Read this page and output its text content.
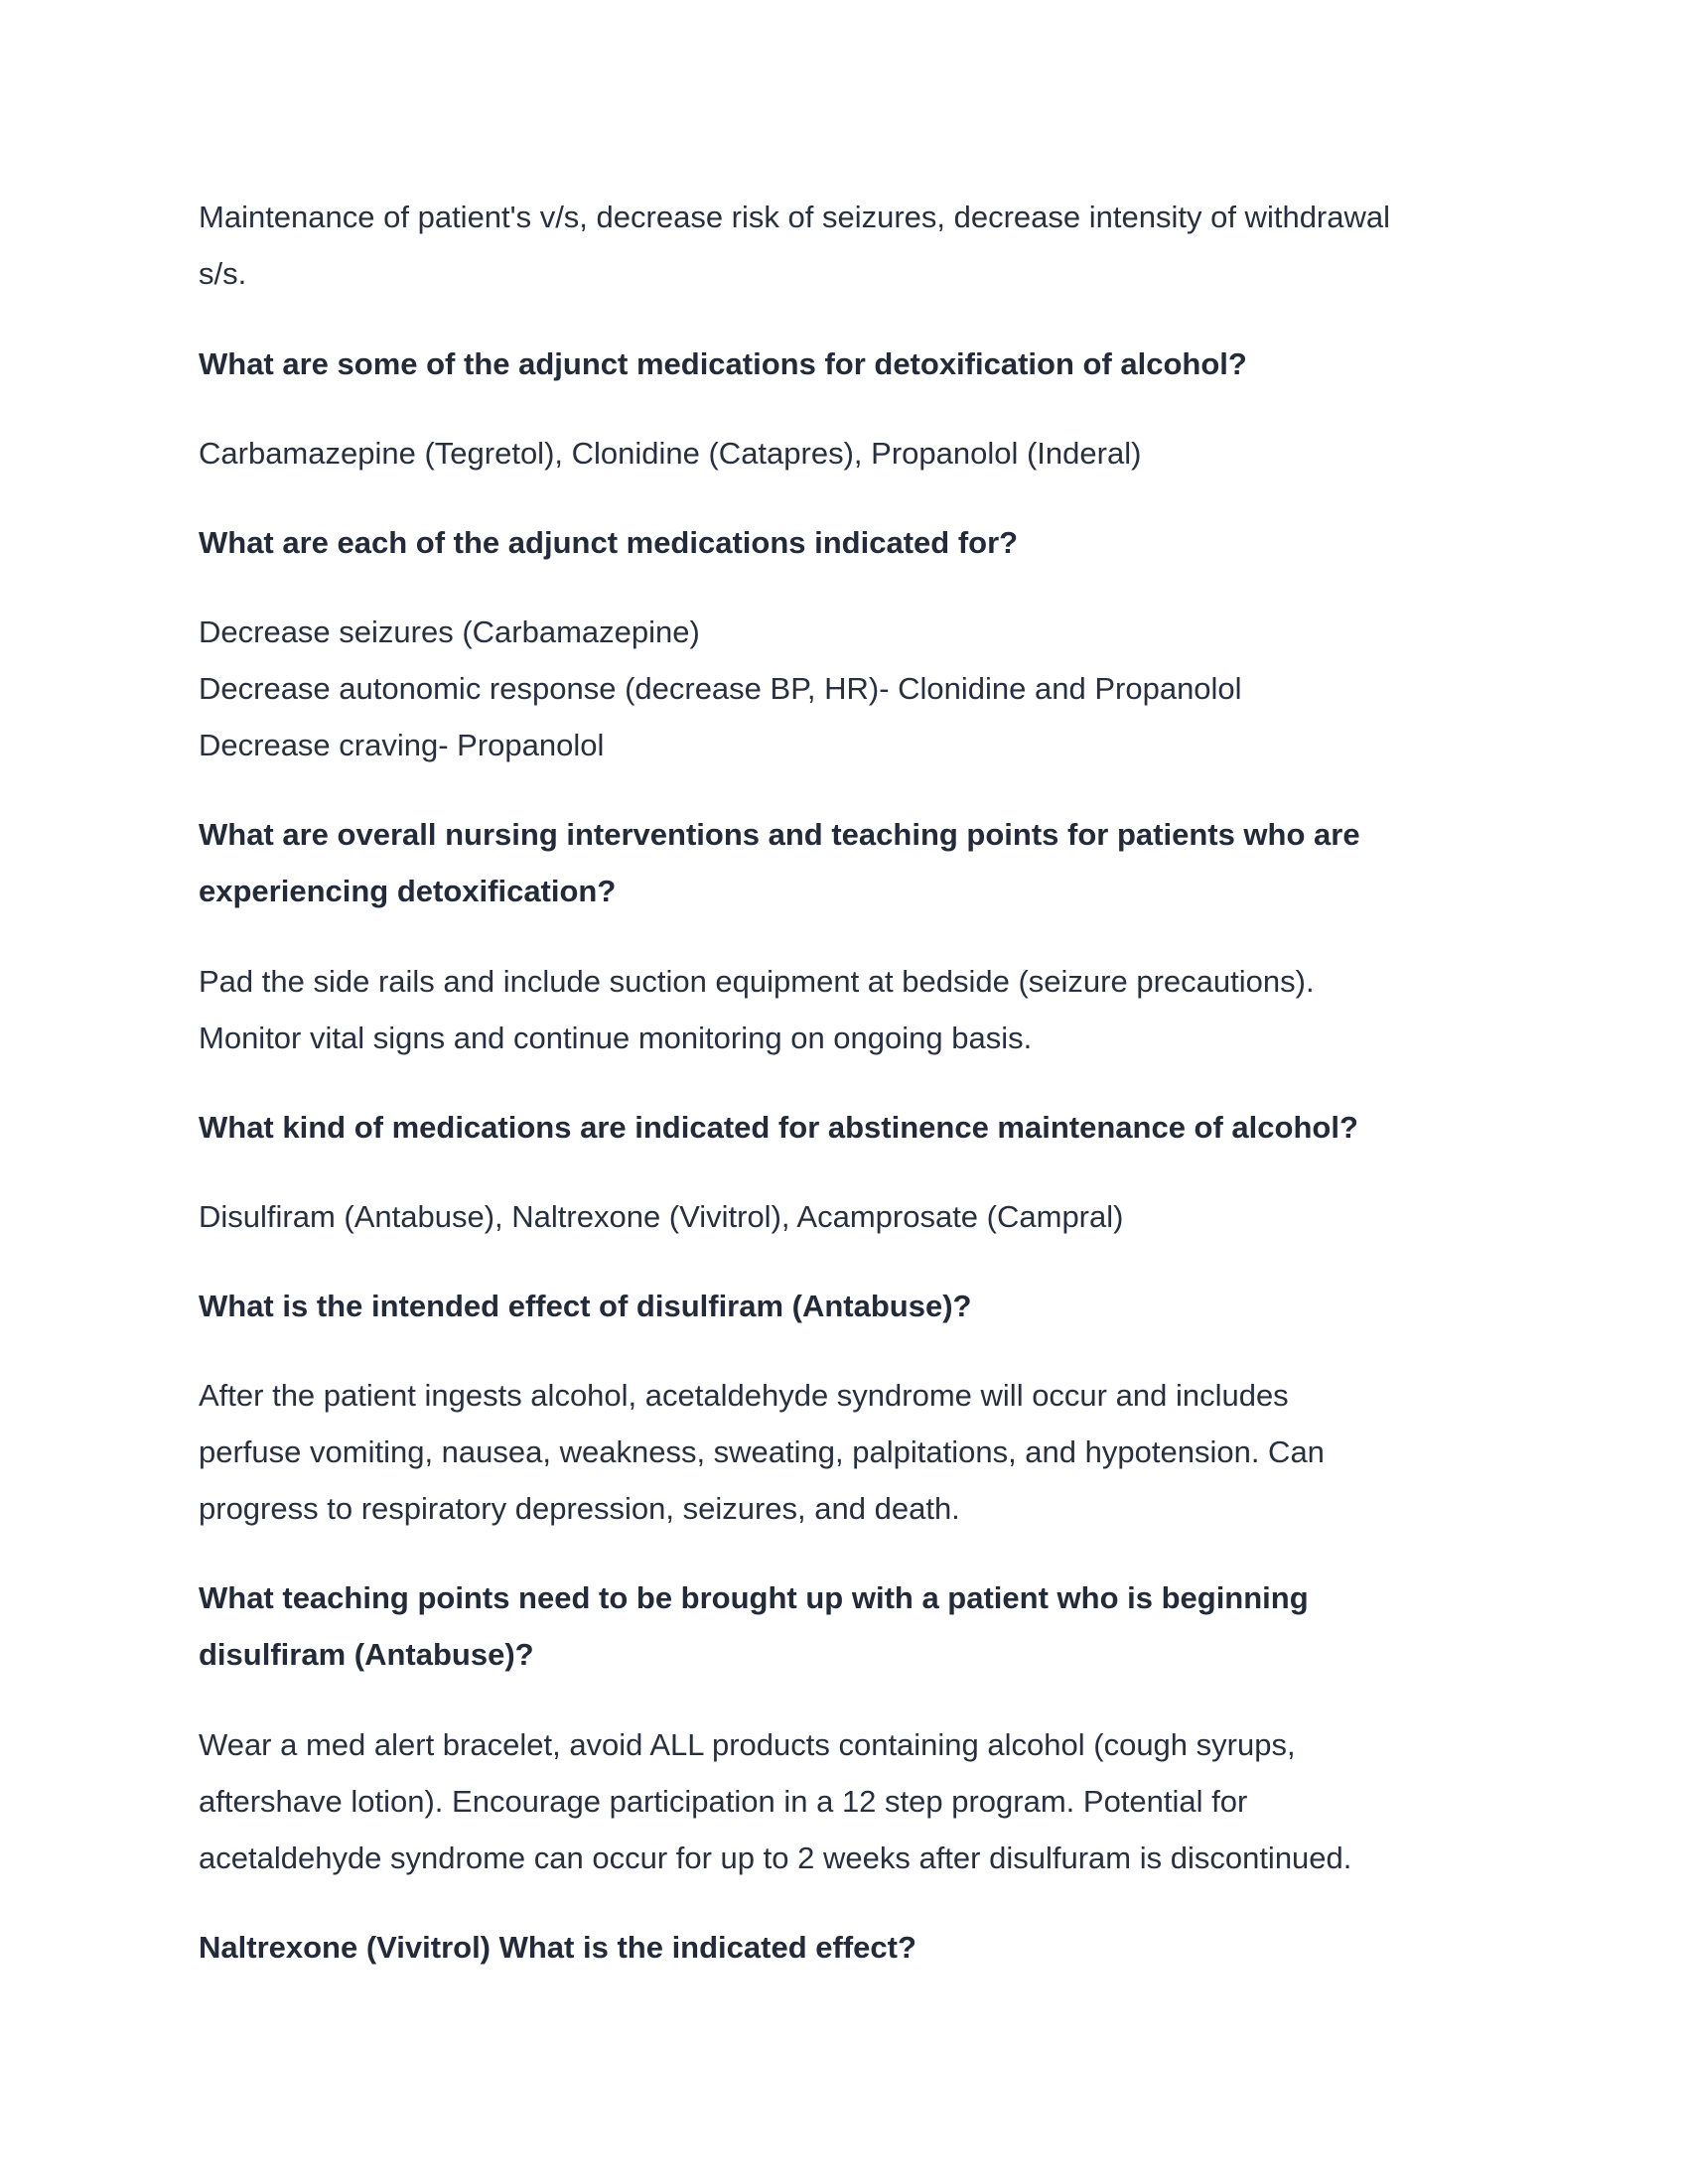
Maintenance of patient's v/s, decrease risk of seizures, decrease intensity of withdrawal
s/s.
What are some of the adjunct medications for detoxification of alcohol?
Carbamazepine (Tegretol), Clonidine (Catapres), Propanolol (Inderal)
What are each of the adjunct medications indicated for?
Decrease seizures (Carbamazepine)
Decrease autonomic response (decrease BP, HR)- Clonidine and Propanolol
Decrease craving- Propanolol
What are overall nursing interventions and teaching points for patients who are
experiencing detoxification?
Pad the side rails and include suction equipment at bedside (seizure precautions).
Monitor vital signs and continue monitoring on ongoing basis.
What kind of medications are indicated for abstinence maintenance of alcohol?
Disulfiram (Antabuse), Naltrexone (Vivitrol), Acamprosate (Campral)
What is the intended effect of disulfiram (Antabuse)?
After the patient ingests alcohol, acetaldehyde syndrome will occur and includes
perfuse vomiting, nausea, weakness, sweating, palpitations, and hypotension. Can
progress to respiratory depression, seizures, and death.
What teaching points need to be brought up with a patient who is beginning
disulfiram (Antabuse)?
Wear a med alert bracelet, avoid ALL products containing alcohol (cough syrups,
aftershave lotion). Encourage participation in a 12 step program. Potential for
acetaldehyde syndrome can occur for up to 2 weeks after disulfuram is discontinued.
Naltrexone (Vivitrol) What is the indicated effect?
